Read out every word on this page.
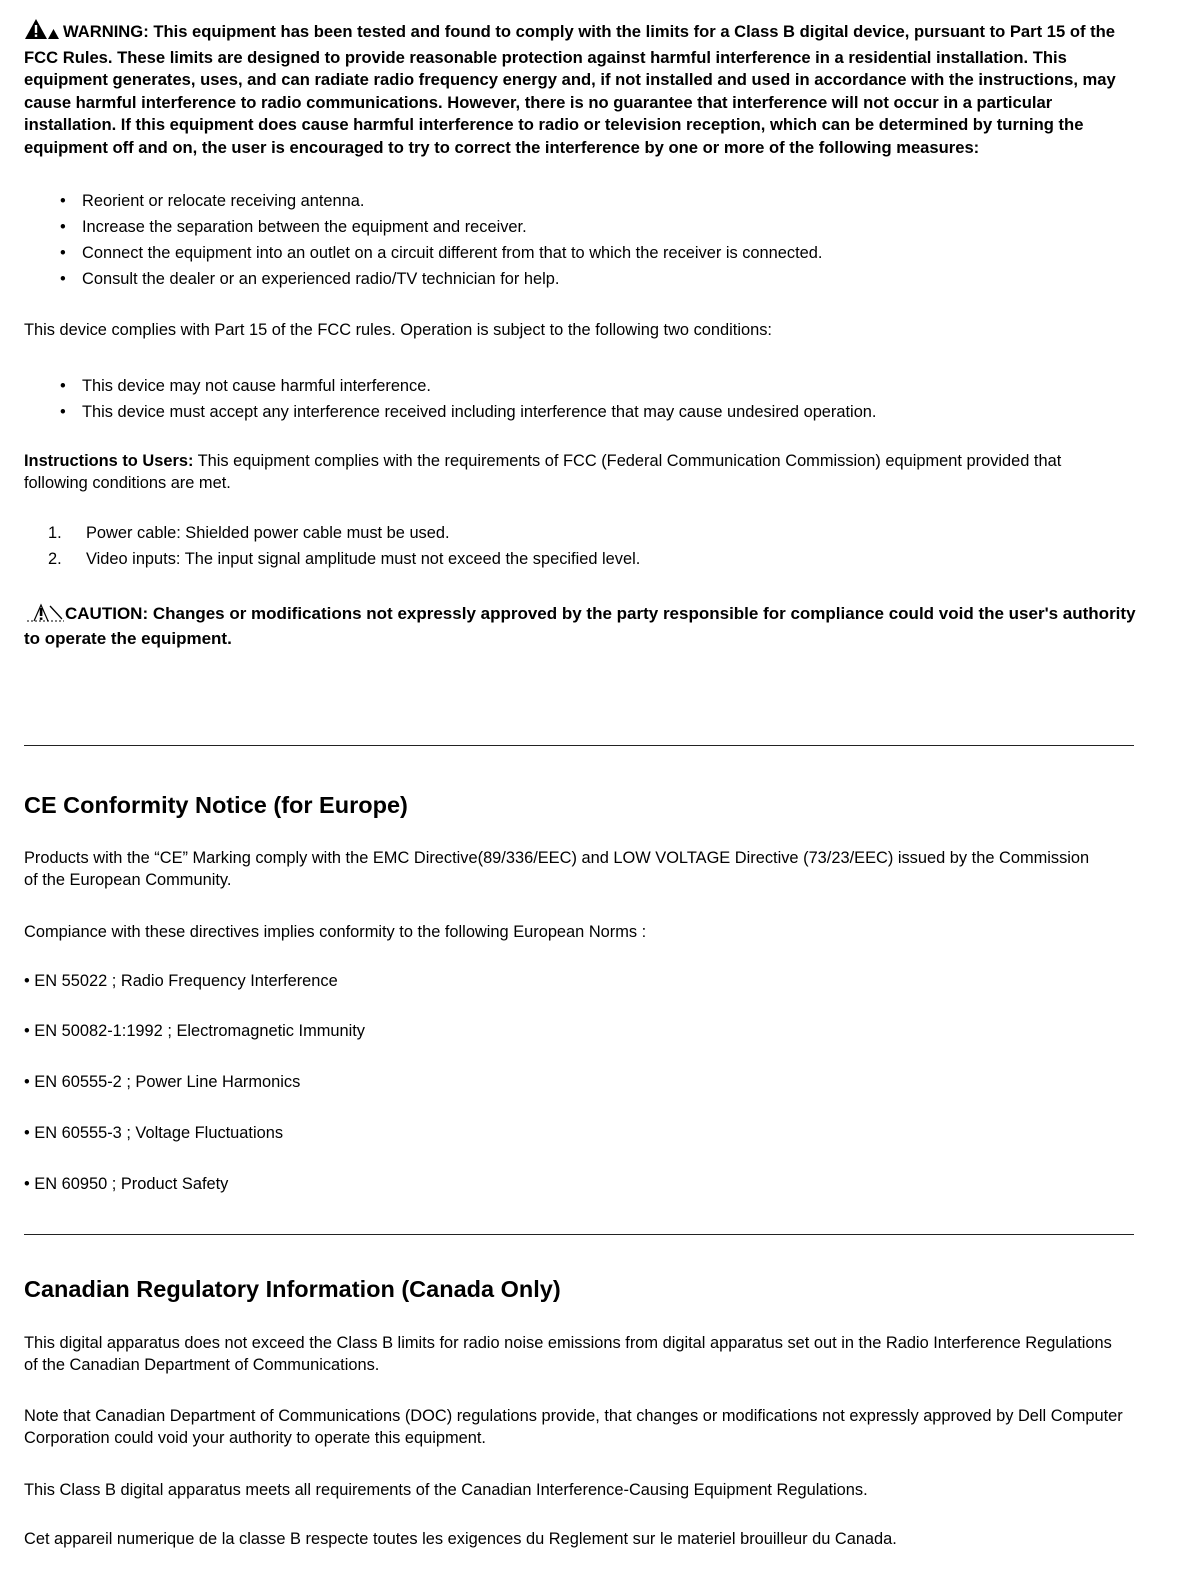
WARNING: This equipment has been tested and found to comply with the limits for a Class B digital device, pursuant to Part 15 of the FCC Rules. These limits are designed to provide reasonable protection against harmful interference in a residential installation. This equipment generates, uses, and can radiate radio frequency energy and, if not installed and used in accordance with the instructions, may cause harmful interference to radio communications. However, there is no guarantee that interference will not occur in a particular installation. If this equipment does cause harmful interference to radio or television reception, which can be determined by turning the equipment off and on, the user is encouraged to try to correct the interference by one or more of the following measures:

• Reorient or relocate receiving antenna.
• Increase the separation between the equipment and receiver.
• Connect the equipment into an outlet on a circuit different from that to which the receiver is connected.
• Consult the dealer or an experienced radio/TV technician for help.

This device complies with Part 15 of the FCC rules. Operation is subject to the following two conditions:

• This device may not cause harmful interference.
• This device must accept any interference received including interference that may cause undesired operation.

Instructions to Users: This equipment complies with the requirements of FCC (Federal Communication Commission) equipment provided that following conditions are met.

1. Power cable: Shielded power cable must be used.
2. Video inputs: The input signal amplitude must not exceed the specified level.

CAUTION: Changes or modifications not expressly approved by the party responsible for compliance could void the user's authority to operate the equipment.

CE Conformity Notice (for Europe)

Products with the “CE” Marking comply with the EMC Directive(89/336/EEC) and LOW VOLTAGE Directive (73/23/EEC) issued by the Commission of the European Community.

Compiance with these directives implies conformity to the following European Norms :

• EN 55022 ; Radio Frequency Interference
• EN 50082-1:1992 ; Electromagnetic Immunity
• EN 60555-2 ; Power Line Harmonics
• EN 60555-3 ; Voltage Fluctuations
• EN 60950 ; Product Safety
Canadian Regulatory Information (Canada Only)

This digital apparatus does not exceed the Class B limits for radio noise emissions from digital apparatus set out in the Radio Interference Regulations of the Canadian Department of Communications.

Note that Canadian Department of Communications (DOC) regulations provide, that changes or modifications not expressly approved by Dell Computer Corporation could void your authority to operate this equipment.

This Class B digital apparatus meets all requirements of the Canadian Interference-Causing Equipment Regulations.

Cet appareil numerique de la classe B respecte toutes les exigences du Reglement sur le materiel brouilleur du Canada.
